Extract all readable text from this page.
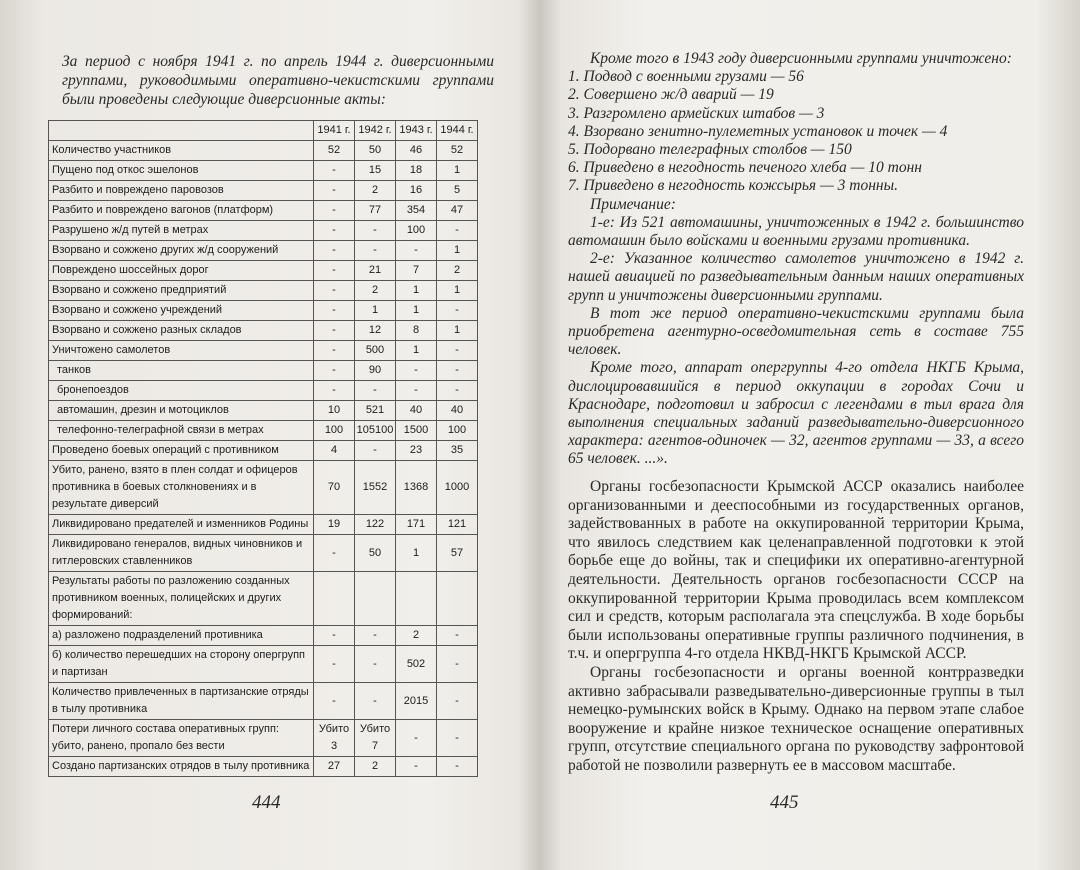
За период с ноября 1941 г. по апрель 1944 г. диверсионными группами, руководимыми оперативно-чекистскими группами были проведены следующие диверсионные акты:

	1941 г.	1942 г.	1943 г.	1944 г.
Количество участников	52	50	46	52
Пущено под откос эшелонов	-	15	18	1
Разбито и повреждено паровозов	-	2	16	5
Разбито и повреждено вагонов (платформ)	-	77	354	47
Разрушено ж/д путей в метрах	-	-	100	-
Взорвано и сожжено других ж/д сооружений	-	-	-	1
Повреждено шоссейных дорог	-	21	7	2
Взорвано и сожжено предприятий	-	2	1	1
Взорвано и сожжено учреждений	-	1	1	-
Взорвано и сожжено разных складов	-	12	8	1
Уничтожено самолетов	-	500	1	-
танков	-	90	-	-
бронепоездов	-	-	-	-
автомашин, дрезин и мотоциклов	10	521	40	40
телефонно-телеграфной связи в метрах	100	105100	1500	100
Проведено боевых операций с противником	4	-	23	35
Убито, ранено, взято в плен солдат и офицеров противника в боевых столкновениях и в результате диверсий	70	1552	1368	1000
Ликвидировано предателей и изменников Родины	19	122	171	121
Ликвидировано генералов, видных чиновников и гитлеровских ставленников	-	50	1	57
Результаты работы по разложению созданных противником военных, полицейских и других формирований:				
а) разложено подразделений противника	-	-	2	-
б) количество перешедших на сторону опергрупп и партизан	-	-	502	-
Количество привлеченных в партизанские отряды в тылу противника	-	-	2015	-
Потери личного состава оперативных групп: убито, ранено, пропало без вести	Убито 3	Убито 7	-	-
Создано партизанских отрядов в тылу противника	27	2	-	-
444

Кроме того в 1943 году диверсионными группами уничтожено:

1. Подвод с военными грузами — 56

2. Совершено ж/д аварий — 19

3. Разгромлено армейских штабов — 3

4. Взорвано зенитно-пулеметных установок и точек — 4

5. Подорвано телеграфных столбов — 150

6. Приведено в негодность печеного хлеба — 10 тонн

7. Приведено в негодность кожсырья — 3 тонны.

Примечание:

1-е: Из 521 автомашины, уничтоженных в 1942 г. большинство автомашин было войсками и военными грузами противника.

2-е: Указанное количество самолетов уничтожено в 1942 г. нашей авиацией по разведывательным данным наших оперативных групп и уничтожены диверсионными группами.

В тот же период оперативно-чекистскими группами была приобретена агентурно-осведомительная сеть в составе 755 человек.

Кроме того, аппарат опергруппы 4-го отдела НКГБ Крыма, дислоцировавшийся в период оккупации в городах Сочи и Краснодаре, подготовил и забросил с легендами в тыл врага для выполнения специальных заданий разведывательно-диверсионного характера: агентов-одиночек — 32, агентов группами — 33, а всего 65 человек. ...».

Органы госбезопасности Крымской АССР оказались наиболее организованными и дееспособными из государственных органов, задействованных в работе на оккупированной территории Крыма, что явилось следствием как целенаправленной подготовки к этой борьбе еще до войны, так и специфики их оперативно-агентурной деятельности. Деятельность органов госбезопасности СССР на оккупированной территории Крыма проводилась всем комплексом сил и средств, которым располагала эта спецслужба. В ходе борьбы были использованы оперативные группы различного подчинения, в т.ч. и опергруппа 4-го отдела НКВД-НКГБ Крымской АССР.

Органы госбезопасности и органы военной контрразведки активно забрасывали разведывательно-диверсионные группы в тыл немецко-румынских войск в Крыму. Однако на первом этапе слабое вооружение и крайне низкое техническое оснащение оперативных групп, отсутствие специального органа по руководству зафронтовой работой не позволили развернуть ее в массовом масштабе.

445
